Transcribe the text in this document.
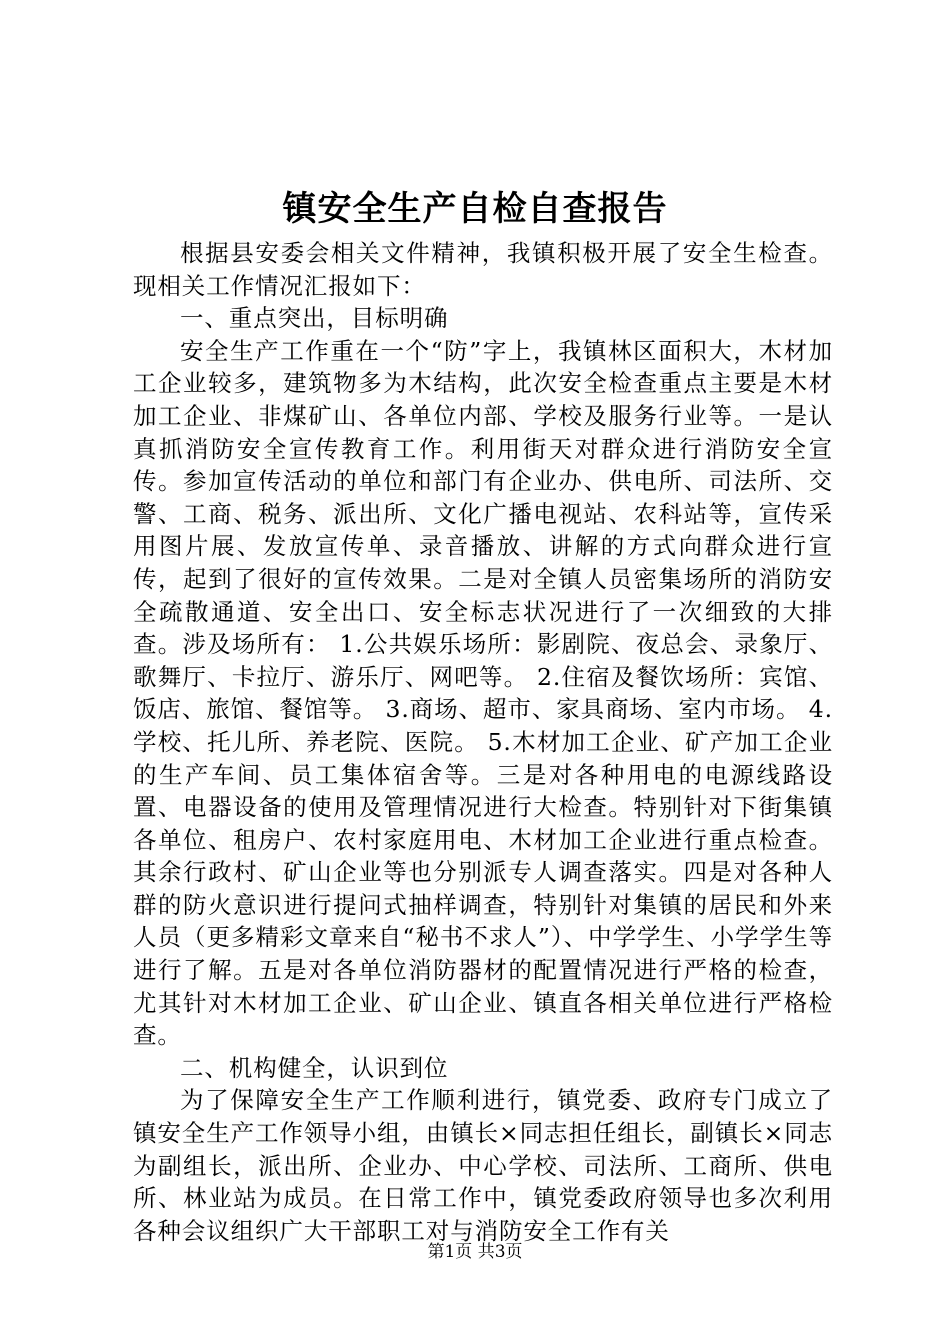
镇安全生产自检自查报告

根据县安委会相关文件精神，我镇积极开展了安全生检查。现相关工作情况汇报如下：

一、重点突出，目标明确

安全生产工作重在一个“防”字上，我镇林区面积大，木材加工企业较多，建筑物多为木结构，此次安全检查重点主要是木材加工企业、非煤矿山、各单位内部、学校及服务行业等。一是认真抓消防安全宣传教育工作。利用街天对群众进行消防安全宣传。参加宣传活动的单位和部门有企业办、供电所、司法所、交警、工商、税务、派出所、文化广播电视站、农科站等，宣传采用图片展、发放宣传单、录音播放、讲解的方式向群众进行宣传，起到了很好的宣传效果。二是对全镇人员密集场所的消防安全疏散通道、安全出口、安全标志状况进行了一次细致的大排查。涉及场所有： 1.公共娱乐场所：影剧院、夜总会、录象厅、歌舞厅、卡拉厅、游乐厅、网吧等。 2.住宿及餐饮场所：宾馆、饭店、旅馆、餐馆等。 3.商场、超市、家具商场、室内市场。 4.学校、托儿所、养老院、医院。 5.木材加工企业、矿产加工企业的生产车间、员工集体宿舍等。三是对各种用电的电源线路设置、电器设备的使用及管理情况进行大检查。特别针对下街集镇各单位、租房户、农村家庭用电、木材加工企业进行重点检查。其余行政村、矿山企业等也分别派专人调查落实。四是对各种人群的防火意识进行提问式抽样调查，特别针对集镇的居民和外来人员（更多精彩文章来自“秘书不求人”）、中学学生、小学学生等进行了解。五是对各单位消防器材的配置情况进行严格的检查，尤其针对木材加工企业、矿山企业、镇直各相关单位进行严格检查。

二、机构健全，认识到位

为了保障安全生产工作顺利进行，镇党委、政府专门成立了镇安全生产工作领导小组，由镇长×同志担任组长，副镇长×同志为副组长，派出所、企业办、中心学校、司法所、工商所、供电所、林业站为成员。在日常工作中，镇党委政府领导也多次利用各种会议组织广大干部职工对与消防安全工作有关

第1页 共3页
